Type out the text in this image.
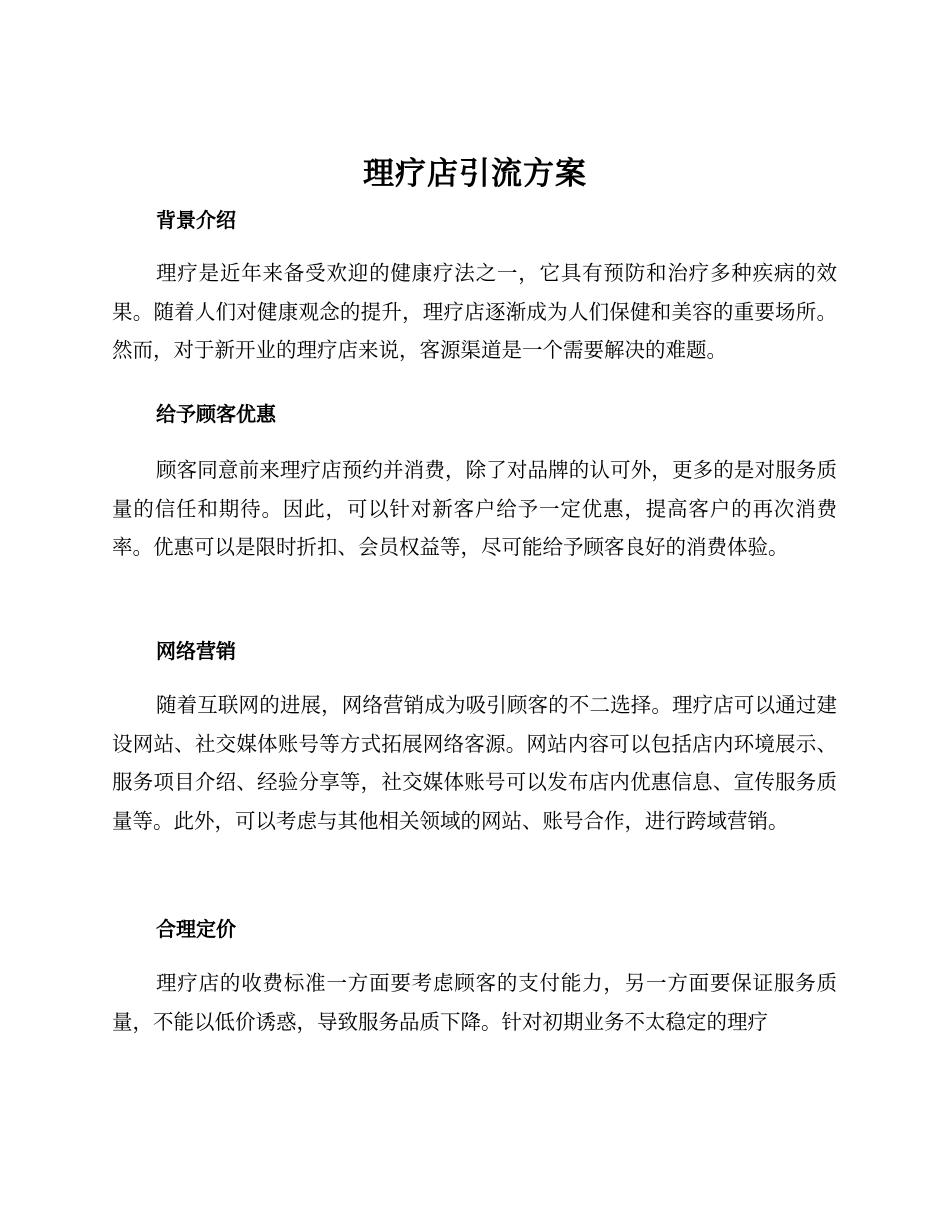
理疗店引流方案
背景介绍
理疗是近年来备受欢迎的健康疗法之一，它具有预防和治疗多种疾病的效果。随着人们对健康观念的提升，理疗店逐渐成为人们保健和美容的重要场所。然而，对于新开业的理疗店来说，客源渠道是一个需要解决的难题。
给予顾客优惠
顾客同意前来理疗店预约并消费，除了对品牌的认可外，更多的是对服务质量的信任和期待。因此，可以针对新客户给予一定优惠，提高客户的再次消费率。优惠可以是限时折扣、会员权益等，尽可能给予顾客良好的消费体验。
网络营销
随着互联网的进展，网络营销成为吸引顾客的不二选择。理疗店可以通过建设网站、社交媒体账号等方式拓展网络客源。网站内容可以包括店内环境展示、服务项目介绍、经验分享等，社交媒体账号可以发布店内优惠信息、宣传服务质量等。此外，可以考虑与其他相关领域的网站、账号合作，进行跨域营销。
合理定价
理疗店的收费标准一方面要考虑顾客的支付能力，另一方面要保证服务质量，不能以低价诱惑，导致服务品质下降。针对初期业务不太稳定的理疗
